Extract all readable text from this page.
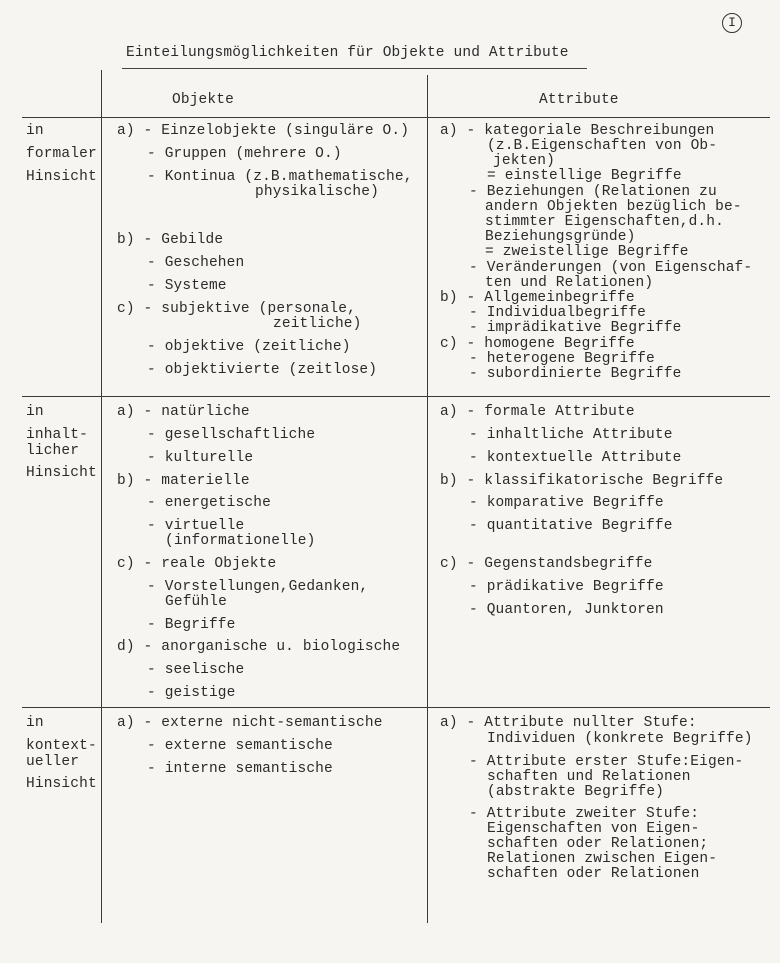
I
Einteilungsmöglichkeiten für Objekte und Attribute
Objekte	Attribute
in
formaler
Hinsicht
a) - Einzelobjekte (singuläre O.)
- Gruppen (mehrere O.)
- Kontinua (z.B.mathematische,
physikalische)
b) - Gebilde
- Geschehen
- Systeme
c) - subjektive (personale,
zeitliche)
- objektive (zeitliche)
- objektivierte (zeitlose)
a) - kategoriale Beschreibungen
(z.B.Eigenschaften von Ob-
jekten)
= einstellige Begriffe
- Beziehungen (Relationen zu
andern Objekten bezüglich be-
stimmter Eigenschaften,d.h.
Beziehungsgründe)
= zweistellige Begriffe
- Veränderungen (von Eigenschaf-
ten und Relationen)
b) - Allgemeinbegriffe
- Individualbegriffe
- imprädikative Begriffe
c) - homogene Begriffe
- heterogene Begriffe
- subordinierte Begriffe
in
inhalt-
licher
Hinsicht
a) - natürliche
- gesellschaftliche
- kulturelle
b) - materielle
- energetische
- virtuelle
(informationelle)
c) - reale Objekte
- Vorstellungen,Gedanken,
Gefühle
- Begriffe
d) - anorganische u. biologische
- seelische
- geistige
a) - formale Attribute
- inhaltliche Attribute
- kontextuelle Attribute
b) - klassifikatorische Begriffe
- komparative Begriffe
- quantitative Begriffe
c) - Gegenstandsbegriffe
- prädikative Begriffe
- Quantoren, Junktoren
in
kontext-
ueller
Hinsicht
a) - externe nicht-semantische
- externe semantische
- interne semantische
a) - Attribute nullter Stufe:
Individuen (konkrete Begriffe)
- Attribute erster Stufe:Eigen-
schaften und Relationen
(abstrakte Begriffe)
- Attribute zweiter Stufe:
Eigenschaften von Eigen-
schaften oder Relationen;
Relationen zwischen Eigen-
schaften oder Relationen
